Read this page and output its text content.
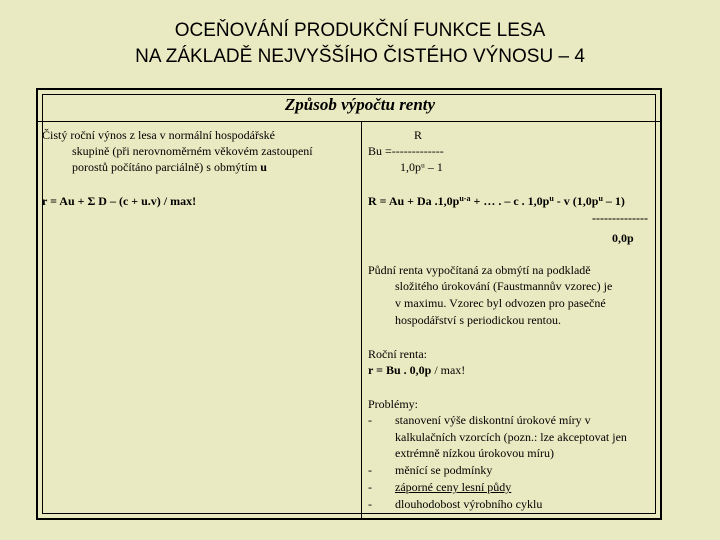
OCEŇOVÁNÍ PRODUKČNÍ FUNKCE LESA
NA ZÁKLADĚ NEJVYŠŠÍHO ČISTÉHO VÝNOSU – 4
Způsob výpočtu renty
Čistý roční výnos z lesa v normální hospodářské
skupině (při nerovnoměrném věkovém zastoupení
porostů počítáno parciálně) s obmýtím u
r = Au + Σ D – (c + u.v) / max!
R
Bu =-------------
1,0pᵘ – 1
R = Au + Da $.1,0p^{u-a}$ + … . – c . $1,0p^u$ - v $(1,0p^u - 1)$
--------------
0,0p
Půdní renta vypočítaná za obmýtí na podkladě
složitého úrokování (Faustmannův vzorec) je
v maximu. Vzorec byl odvozen pro pasečné
hospodářství s periodickou rentou.
Roční renta:
r = Bu . 0,0p / max!
Problémy:
- stanovení výše diskontní úrokové míry v
kalkulačních vzorcích (pozn.: lze akceptovat jen
extrémně nízkou úrokovou míru)
- měnící se podmínky
- záporné ceny lesní půdy
- dlouhodobost výrobního cyklu
